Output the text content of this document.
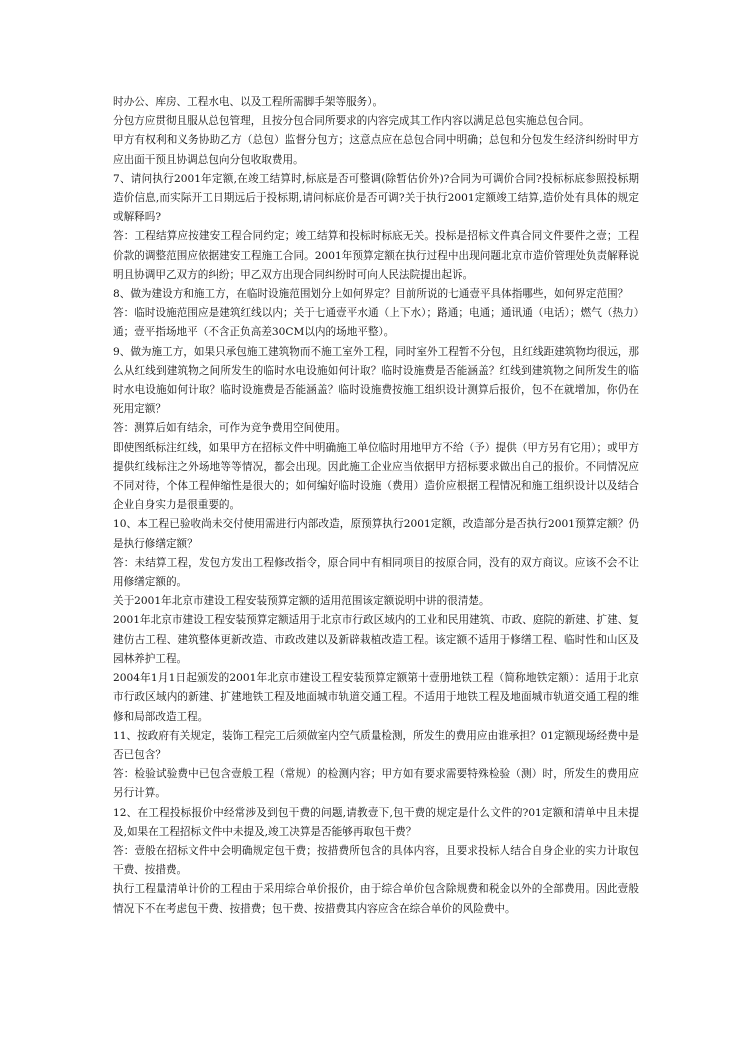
时办公、库房、工程水电、以及工程所需脚手架等服务）。

分包方应贯彻且服从总包管理，且按分包合同所要求的内容完成其工作内容以满足总包实施总包合同。

甲方有权利和义务协助乙方（总包）监督分包方；这意点应在总包合同中明确；总包和分包发生经济纠纷时甲方应出面干预且协调总包向分包收取费用。

7、请问执行2001年定额,在竣工结算时,标底是否可整调(除暂估价外)?合同为可调价合同?投标标底参照投标期造价信息,而实际开工日期远后于投标期,请问标底价是否可调?关于执行2001定额竣工结算,造价处有具体的规定或解释吗?

答：工程结算应按建安工程合同约定；竣工结算和投标时标底无关。投标是招标文件真合同文件要件之壹；工程价款的调整范围应依据建安工程施工合同。2001年预算定额在执行过程中出现问题北京市造价管理处负责解释说明且协调甲乙双方的纠纷；甲乙双方出现合同纠纷时可向人民法院提出起诉。

8、做为建设方和施工方，在临时设施范围划分上如何界定？目前所说的七通壹平具体指哪些，如何界定范围？

答：临时设施范围应是建筑红线以内；关于七通壹平水通（上下水）；路通；电通；通讯通（电话）；燃气（热力）通；壹平指场地平（不含正负高差30CM以内的场地平整）。

9、做为施工方，如果只承包施工建筑物而不施工室外工程，同时室外工程暂不分包，且红线距建筑物均很远，那么从红线到建筑物之间所发生的临时水电设施如何计取？临时设施费是否能涵盖？红线到建筑物之间所发生的临时水电设施如何计取？临时设施费是否能涵盖？临时设施费按施工组织设计测算后报价，包不在就增加，你仍在死用定额？

答：测算后如有结余，可作为竞争费用空间使用。

即使图纸标注红线，如果甲方在招标文件中明确施工单位临时用地甲方不给（予）提供（甲方另有它用）；或甲方提供红线标注之外场地等等情况，都会出现。因此施工企业应当依据甲方招标要求做出自己的报价。不同情况应不同对待，个体工程伸缩性是很大的；如何编好临时设施（费用）造价应根据工程情况和施工组织设计以及结合企业自身实力是很重要的。

10、本工程已验收尚未交付使用需进行内部改造，原预算执行2001定额，改造部分是否执行2001预算定额？仍是执行修缮定额？

答：未结算工程，发包方发出工程修改指令，原合同中有相同项目的按原合同，没有的双方商议。应该不会不让用修缮定额的。

关于2001年北京市建设工程安装预算定额的适用范围该定额说明中讲的很清楚。

2001年北京市建设工程安装预算定额适用于北京市行政区域内的工业和民用建筑、市政、庭院的新建、扩建、复建仿古工程、建筑整体更新改造、市政改建以及新辟栽植改造工程。该定额不适用于修缮工程、临时性和山区及园林养护工程。

2004年1月1日起颁发的2001年北京市建设工程安装预算定额第十壹册地铁工程（简称地铁定额）：适用于北京市行政区域内的新建、扩建地铁工程及地面城市轨道交通工程。不适用于地铁工程及地面城市轨道交通工程的维修和局部改造工程。

11、按政府有关规定，装饰工程完工后须做室内空气质量检测，所发生的费用应由谁承担？01定额现场经费中是否已包含？

答：检验试验费中已包含壹般工程（常规）的检测内容；甲方如有要求需要特殊检验（测）时，所发生的费用应另行计算。

12、在工程投标报价中经常涉及到包干费的问题,请教壹下,包干费的规定是什么文件的?01定额和清单中且未提及,如果在工程招标文件中未提及,竣工决算是否能够再取包干费？

答：壹般在招标文件中会明确规定包干费；按措费所包含的具体内容，且要求投标人结合自身企业的实力计取包干费、按措费。

执行工程量清单计价的工程由于采用综合单价报价，由于综合单价包含除规费和税金以外的全部费用。因此壹般情况下不在考虑包干费、按措费；包干费、按措费其内容应含在综合单价的风险费中。
